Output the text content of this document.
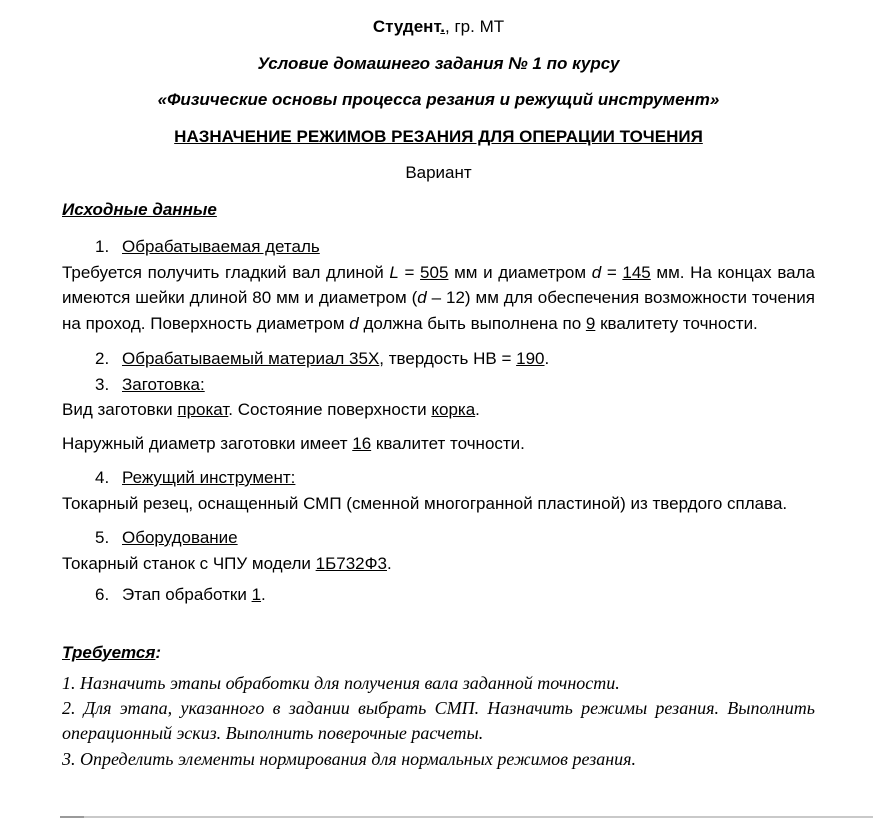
Студент., гр. МТ

Условие домашнего задания № 1 по курсу

«Физические основы процесса резания и режущий инструмент»

НАЗНАЧЕНИЕ РЕЖИМОВ РЕЗАНИЯ ДЛЯ ОПЕРАЦИИ ТОЧЕНИЯ

Вариант

Исходные данные

1. Обрабатываемая деталь

Требуется получить гладкий вал длиной L = 505 мм и диаметром d = 145 мм. На концах вала имеются шейки длиной 80 мм и диаметром (d – 12) мм для обеспечения возможности точения на проход. Поверхность диаметром d должна быть выполнена по 9 квалитету точности.

2. Обрабатываемый материал 35Х, твердость НВ = 190.
3. Заготовка:

Вид заготовки прокат. Состояние поверхности корка.

Наружный диаметр заготовки имеет 16 квалитет точности.

4. Режущий инструмент:

Токарный резец, оснащенный СМП (сменной многогранной пластиной) из твердого сплава.

5. Оборудование

Токарный станок с ЧПУ модели 1Б732Ф3.

6. Этап обработки 1.

Требуется:

1. Назначить этапы обработки для получения вала заданной точности.

2. Для этапа, указанного в задании выбрать СМП. Назначить режимы резания. Выполнить операционный эскиз. Выполнить поверочные расчеты.

3. Определить элементы нормирования для нормальных режимов резания.
